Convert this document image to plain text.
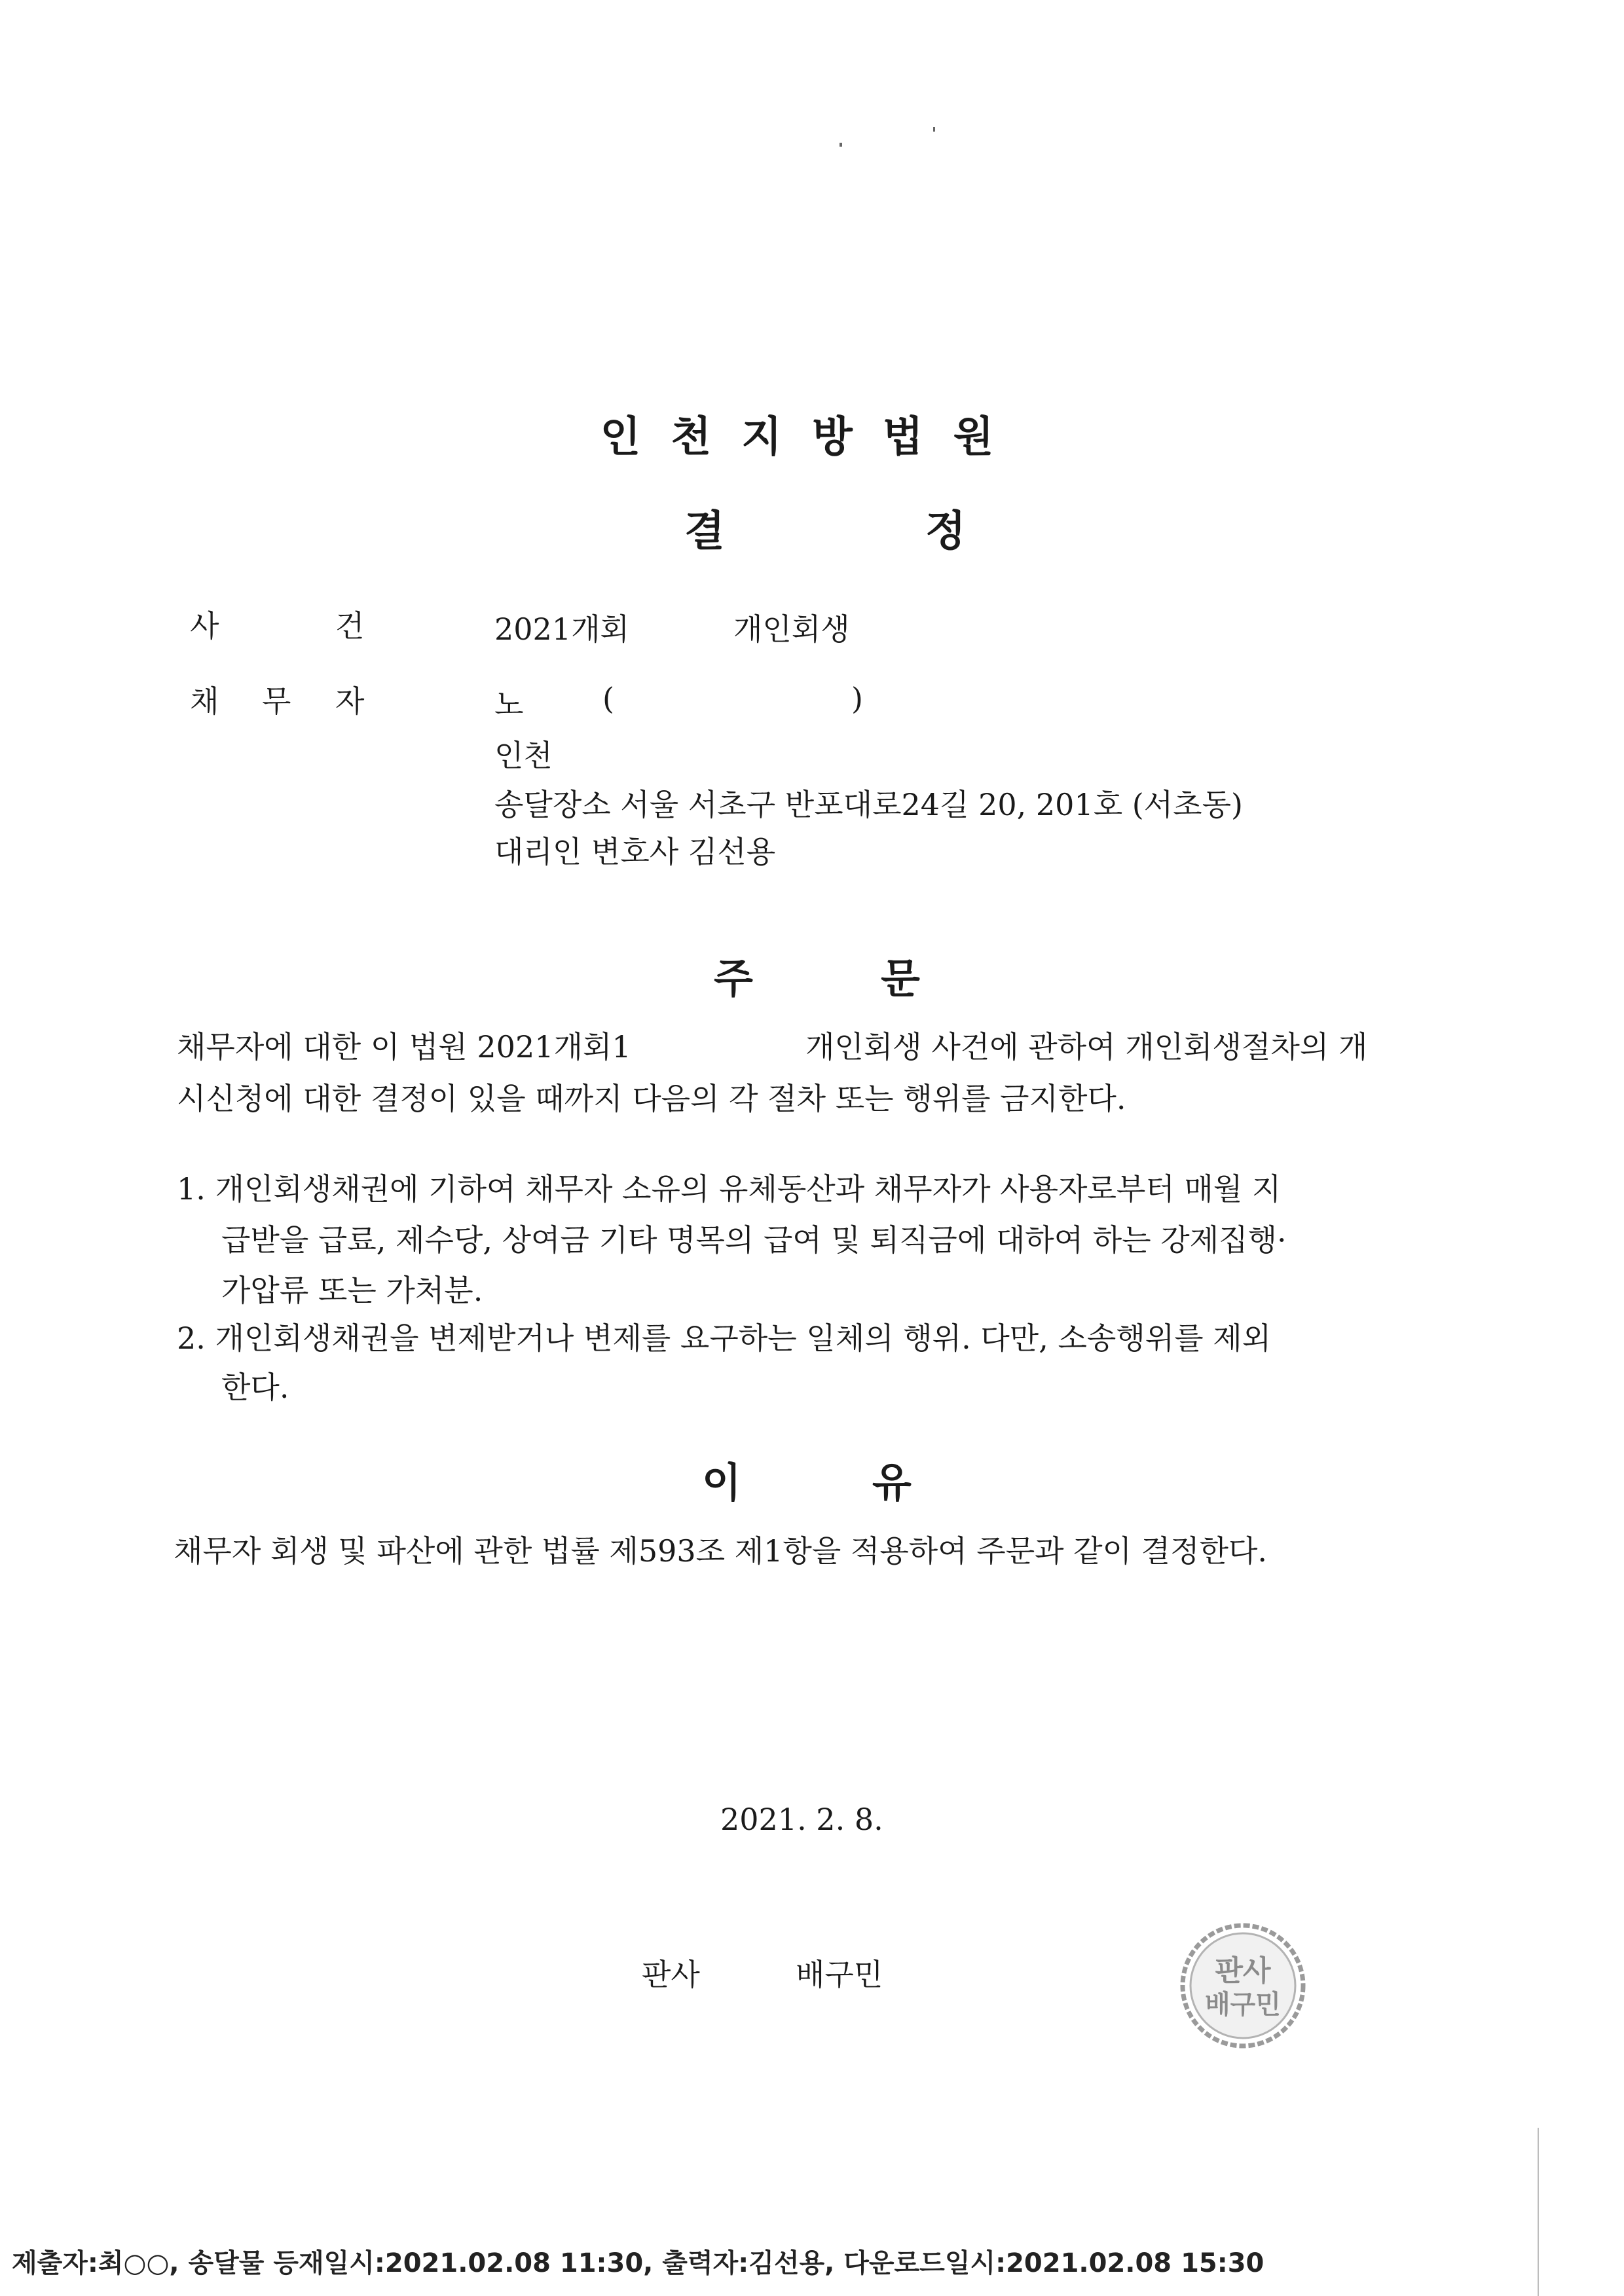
인천지방법원
결	정
사	건	2021개회	개인회생
채 무 자	노	(	)
인천
송달장소 서울 서초구 반포대로24길 20, 201호 (서초동)
대리인 변호사 김선용
주	문
채무자에 대한 이 법원 2021개회1	개인회생 사건에 관하여 개인회생절차의 개
시신청에 대한 결정이 있을 때까지 다음의 각 절차 또는 행위를 금지한다.
1. 개인회생채권에 기하여 채무자 소유의 유체동산과 채무자가 사용자로부터 매월 지
급받을 급료, 제수당, 상여금 기타 명목의 급여 및 퇴직금에 대하여 하는 강제집행·
가압류 또는 가처분.
2. 개인회생채권을 변제받거나 변제를 요구하는 일체의 행위. 다만, 소송행위를 제외
한다.
이	유
채무자 회생 및 파산에 관한 법률 제593조 제1항을 적용하여 주문과 같이 결정한다.
2021. 2. 8.
판사	배구민	판사
배구민
제출자:최○○, 송달물 등재일시:2021.02.08 11:30, 출력자:김선용, 다운로드일시:2021.02.08 15:30
